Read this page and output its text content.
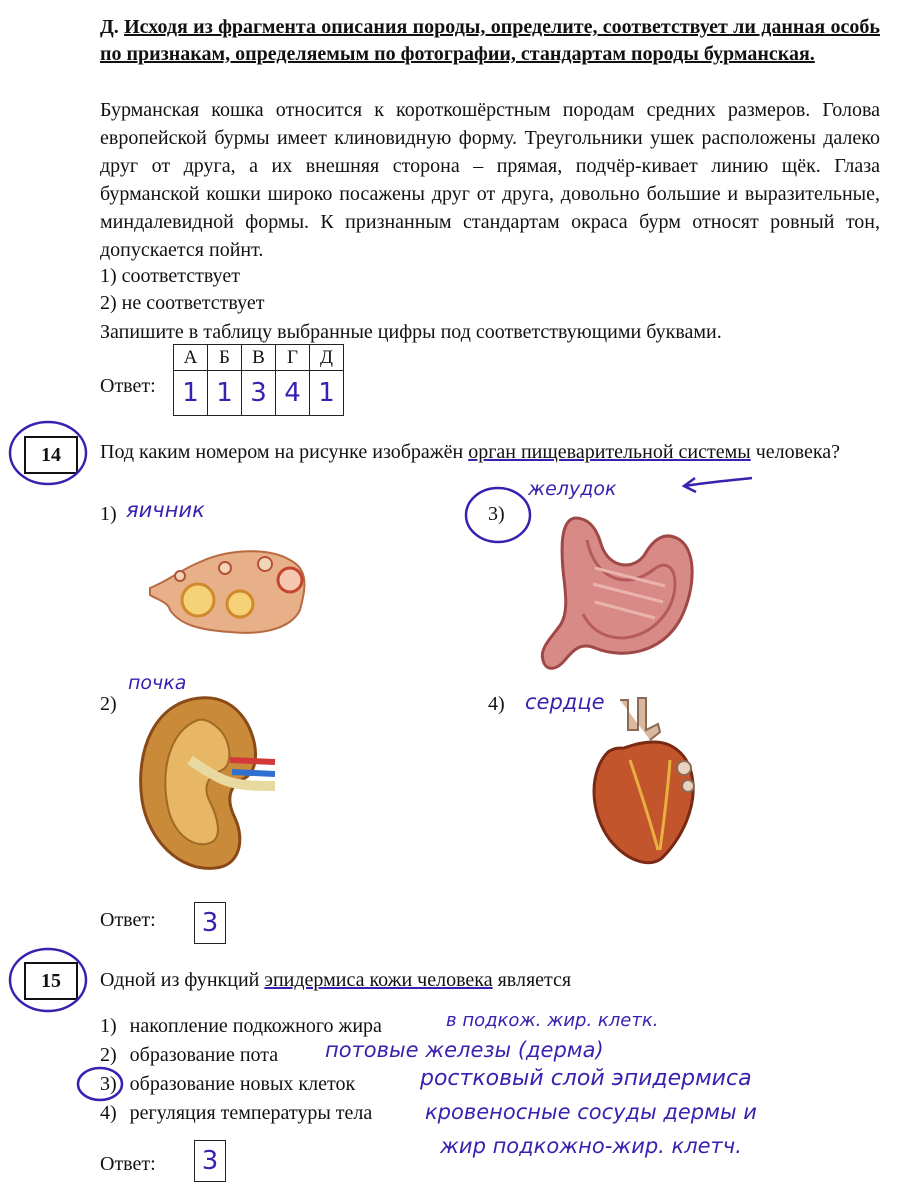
Д. Исходя из фрагмента описания породы, определите, соответствует ли данная особь по признакам, определяемым по фотографии, стандартам породы бурманская.
Бурманская кошка относится к короткошёрстным породам средних размеров. Голова европейской бурмы имеет клиновидную форму. Треугольники ушек расположены далеко друг от друга, а их внешняя сторона – прямая, подчёр-кивает линию щёк. Глаза бурманской кошки широко посажены друг от друга, довольно большие и выразительные, миндалевидной формы. К признанным стандартам окраса бурм относят ровный тон, допускается пойнт.
1) соответствует
2) не соответствует
Запишите в таблицу выбранные цифры под соответствующими буквами.
Ответ:
А	Б	В	Г	Д
1	1	3	4	1
14	Под каким номером на рисунке изображён орган пищеварительной системы человека?
1) яичник
2)
почка
3)
желудок
4) сердце
Ответ: 3
15	Одной из функций эпидермиса кожи человека является
1) накопление подкожного жира	в подкож. жир. клетк.
2) образование пота потовые железы (дерма)
3) образование новых клеток	ростковый слой эпидермиса
4) регуляция температуры тела	кровеносные сосуды дермы и
жир подкожно-жир. клетч.
Ответ: 3
